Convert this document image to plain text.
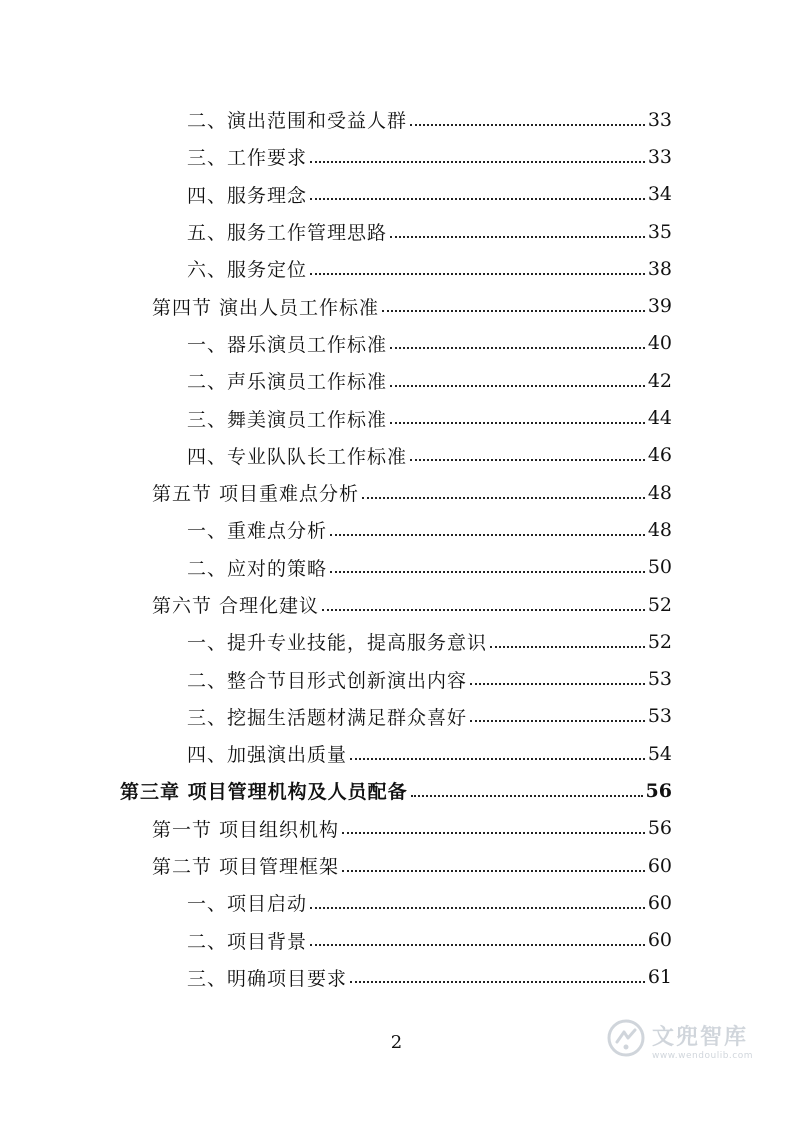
二、演出范围和受益人群	33
三、工作要求	33
四、服务理念	34
五、服务工作管理思路	35
六、服务定位	38
第四节 演出人员工作标准	39
一、器乐演员工作标准	40
二、声乐演员工作标准	42
三、舞美演员工作标准	44
四、专业队队长工作标准	46
第五节 项目重难点分析	48
一、重难点分析	48
二、应对的策略	50
第六节 合理化建议	52
一、提升专业技能，提高服务意识	52
二、整合节目形式创新演出内容	53
三、挖掘生活题材满足群众喜好	53
四、加强演出质量	54
第三章 项目管理机构及人员配备	56
第一节 项目组织机构	56
第二节 项目管理框架	60
一、项目启动	60
二、项目背景	60
三、明确项目要求	61
2	文兜智库
www.wendoulib.com
